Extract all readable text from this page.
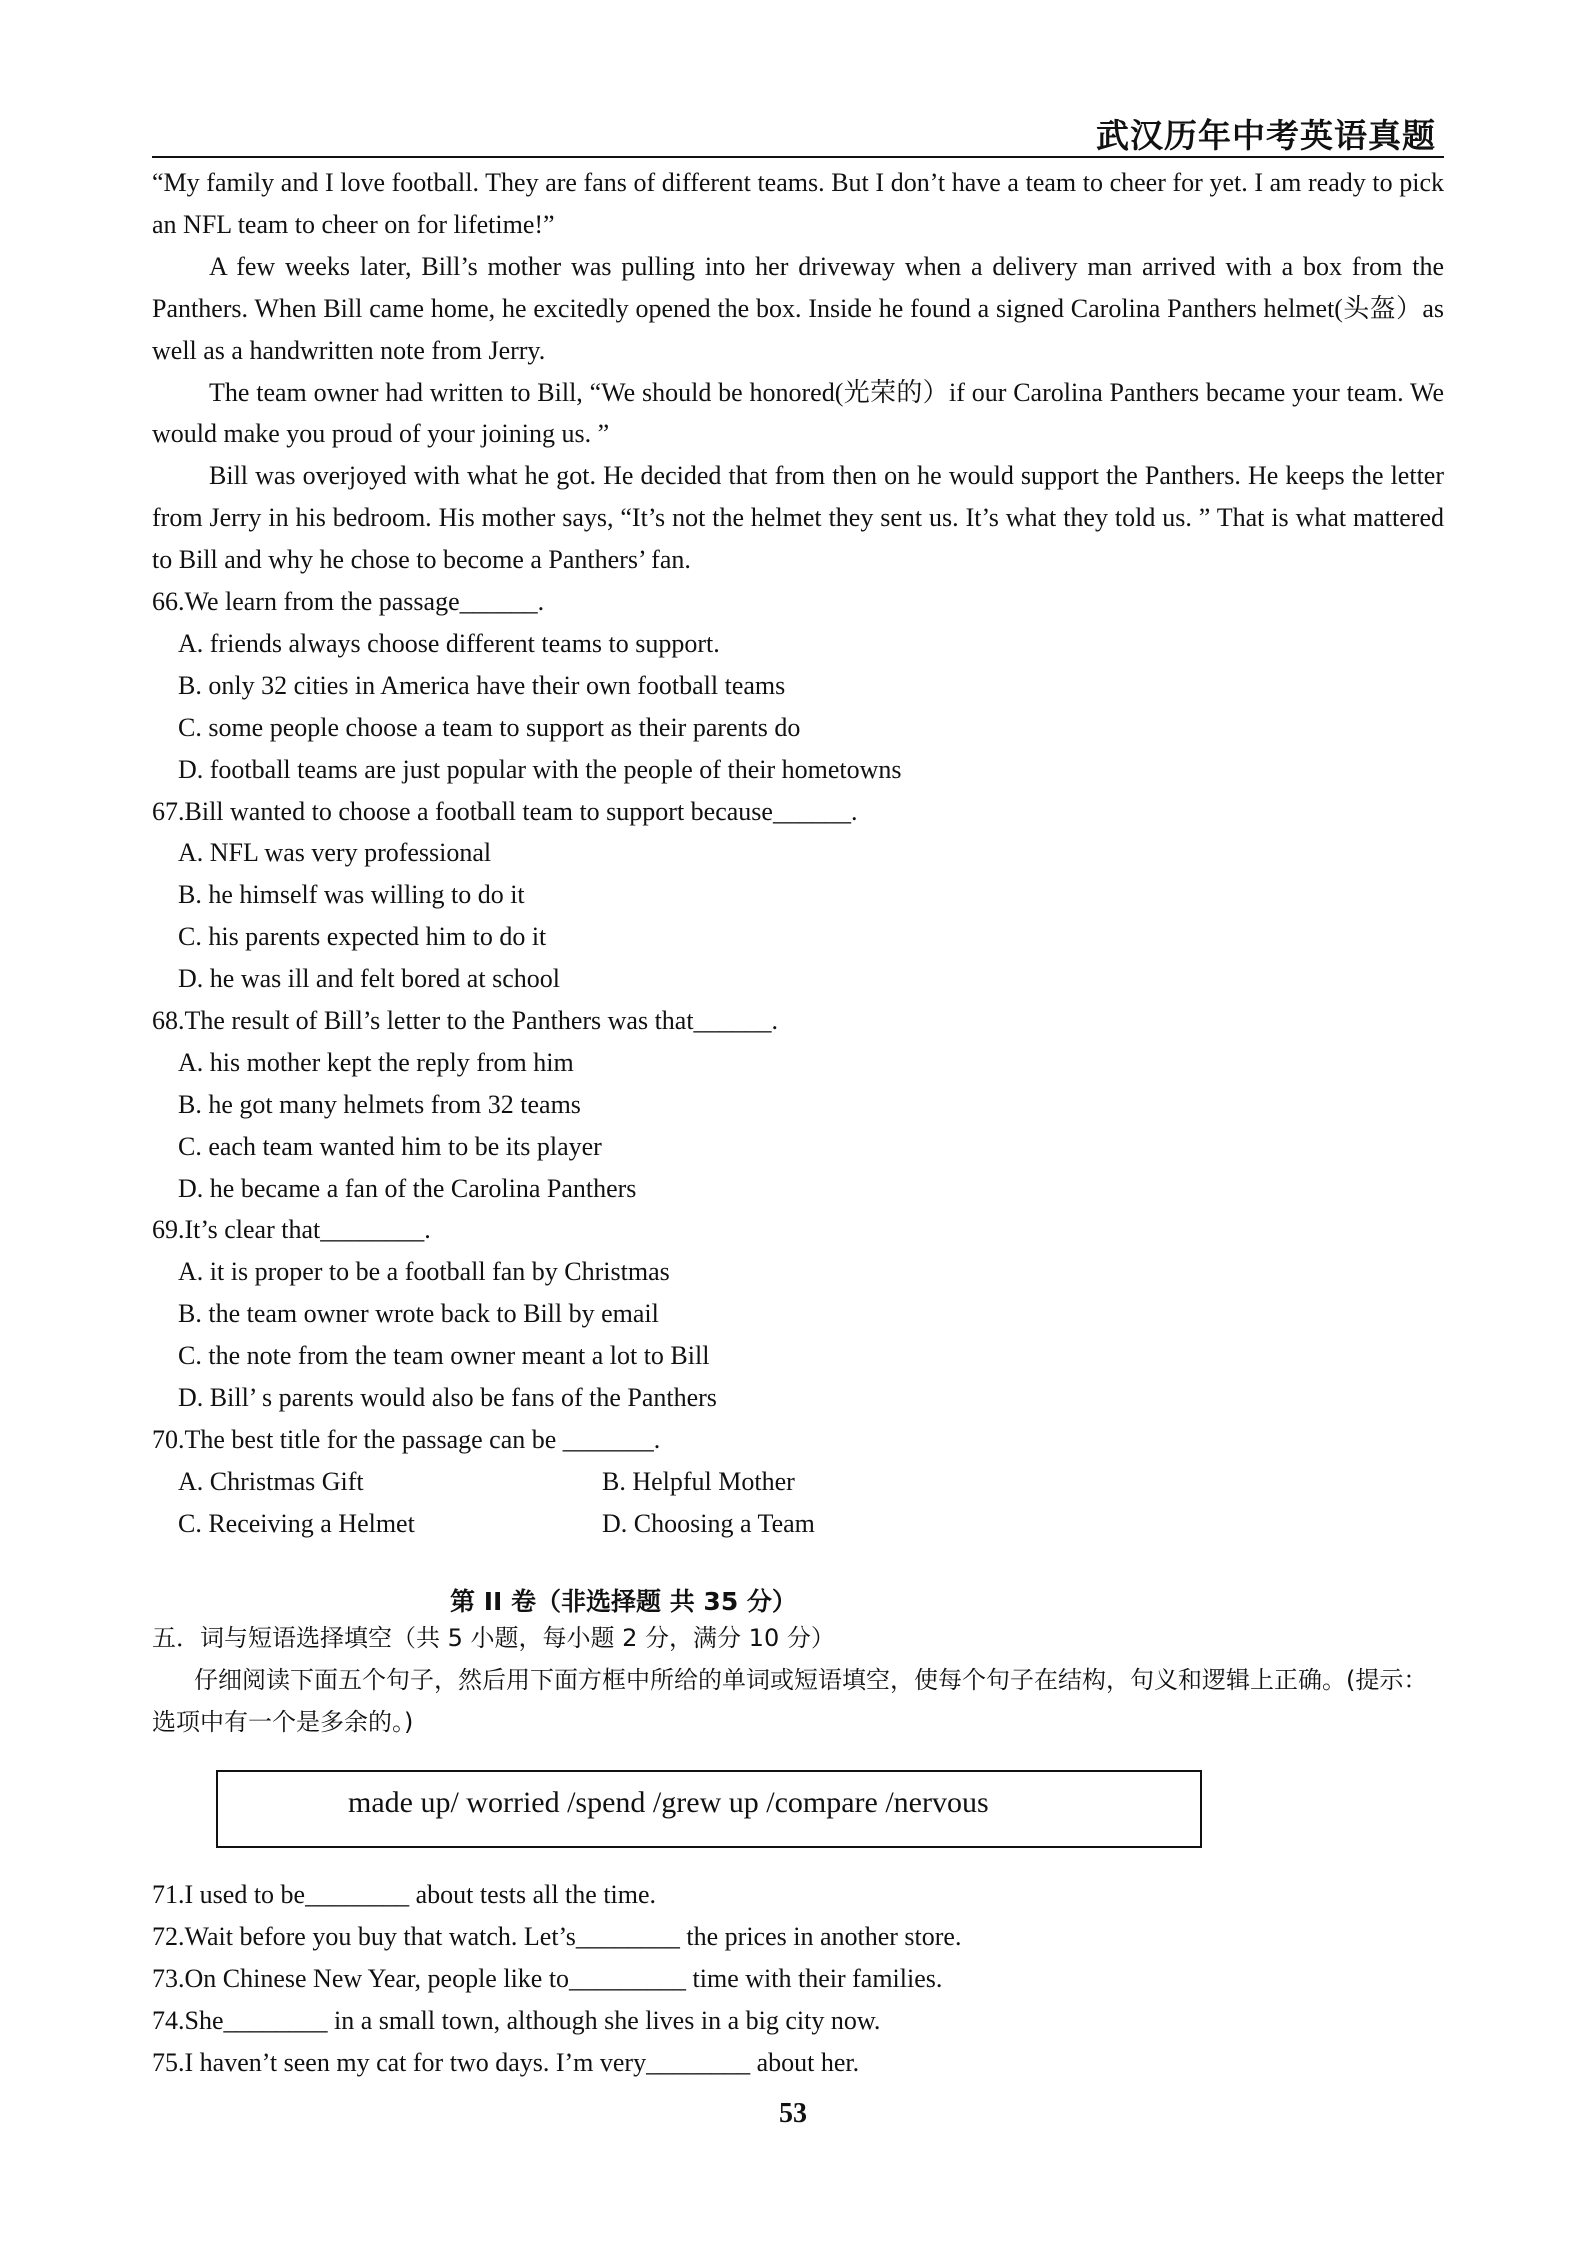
武汉历年中考英语真题
“My family and I love football. They are fans of different teams. But I don’t have a team to cheer for yet. I am ready to pick an NFL team to cheer on for lifetime!”
A few weeks later, Bill’s mother was pulling into her driveway when a delivery man arrived with a box from the Panthers. When Bill came home, he excitedly opened the box. Inside he found a signed Carolina Panthers helmet(头盔）as well as a handwritten note from Jerry.
The team owner had written to Bill, “We should be honored(光荣的）if our Carolina Panthers became your team. We would make you proud of your joining us. ”
Bill was overjoyed with what he got. He decided that from then on he would support the Panthers. He keeps the letter from Jerry in his bedroom. His mother says, “It’s not the helmet they sent us. It’s what they told us. ” That is what mattered to Bill and why he chose to become a Panthers’ fan.
66.We learn from the passage______.
A. friends always choose different teams to support.
B. only 32 cities in America have their own football teams
C. some people choose a team to support as their parents do
D. football teams are just popular with the people of their hometowns
67.Bill wanted to choose a football team to support because______.
A. NFL was very professional
B. he himself was willing to do it
C. his parents expected him to do it
D. he was ill and felt bored at school
68.The result of Bill’s letter to the Panthers was that______.
A. his mother kept the reply from him
B. he got many helmets from 32 teams
C. each team wanted him to be its player
D. he became a fan of the Carolina Panthers
69.It’s clear that________.
A. it is proper to be a football fan by Christmas
B. the team owner wrote back to Bill by email
C. the note from the team owner meant a lot to Bill
D. Bill’ s parents would also be fans of the Panthers
70.The best title for the passage can be _______.
A. Christmas Gift	B. Helpful Mother
C. Receiving a Helmet	D. Choosing a Team
第 II 卷（非选择题 共 35 分）
五．词与短语选择填空（共 5 小题，每小题 2 分，满分 10 分）
仔细阅读下面五个句子，然后用下面方框中所给的单词或短语填空，使每个句子在结构，句义和逻辑上正确。(提示：选项中有一个是多余的。)
made up/ worried /spend /grew up /compare /nervous
71.I used to be________ about tests all the time.
72.Wait before you buy that watch. Let’s________ the prices in another store.
73.On Chinese New Year, people like to_________ time with their families.
74.She________ in a small town, although she lives in a big city now.
75.I haven’t seen my cat for two days. I’m very________ about her.
53
